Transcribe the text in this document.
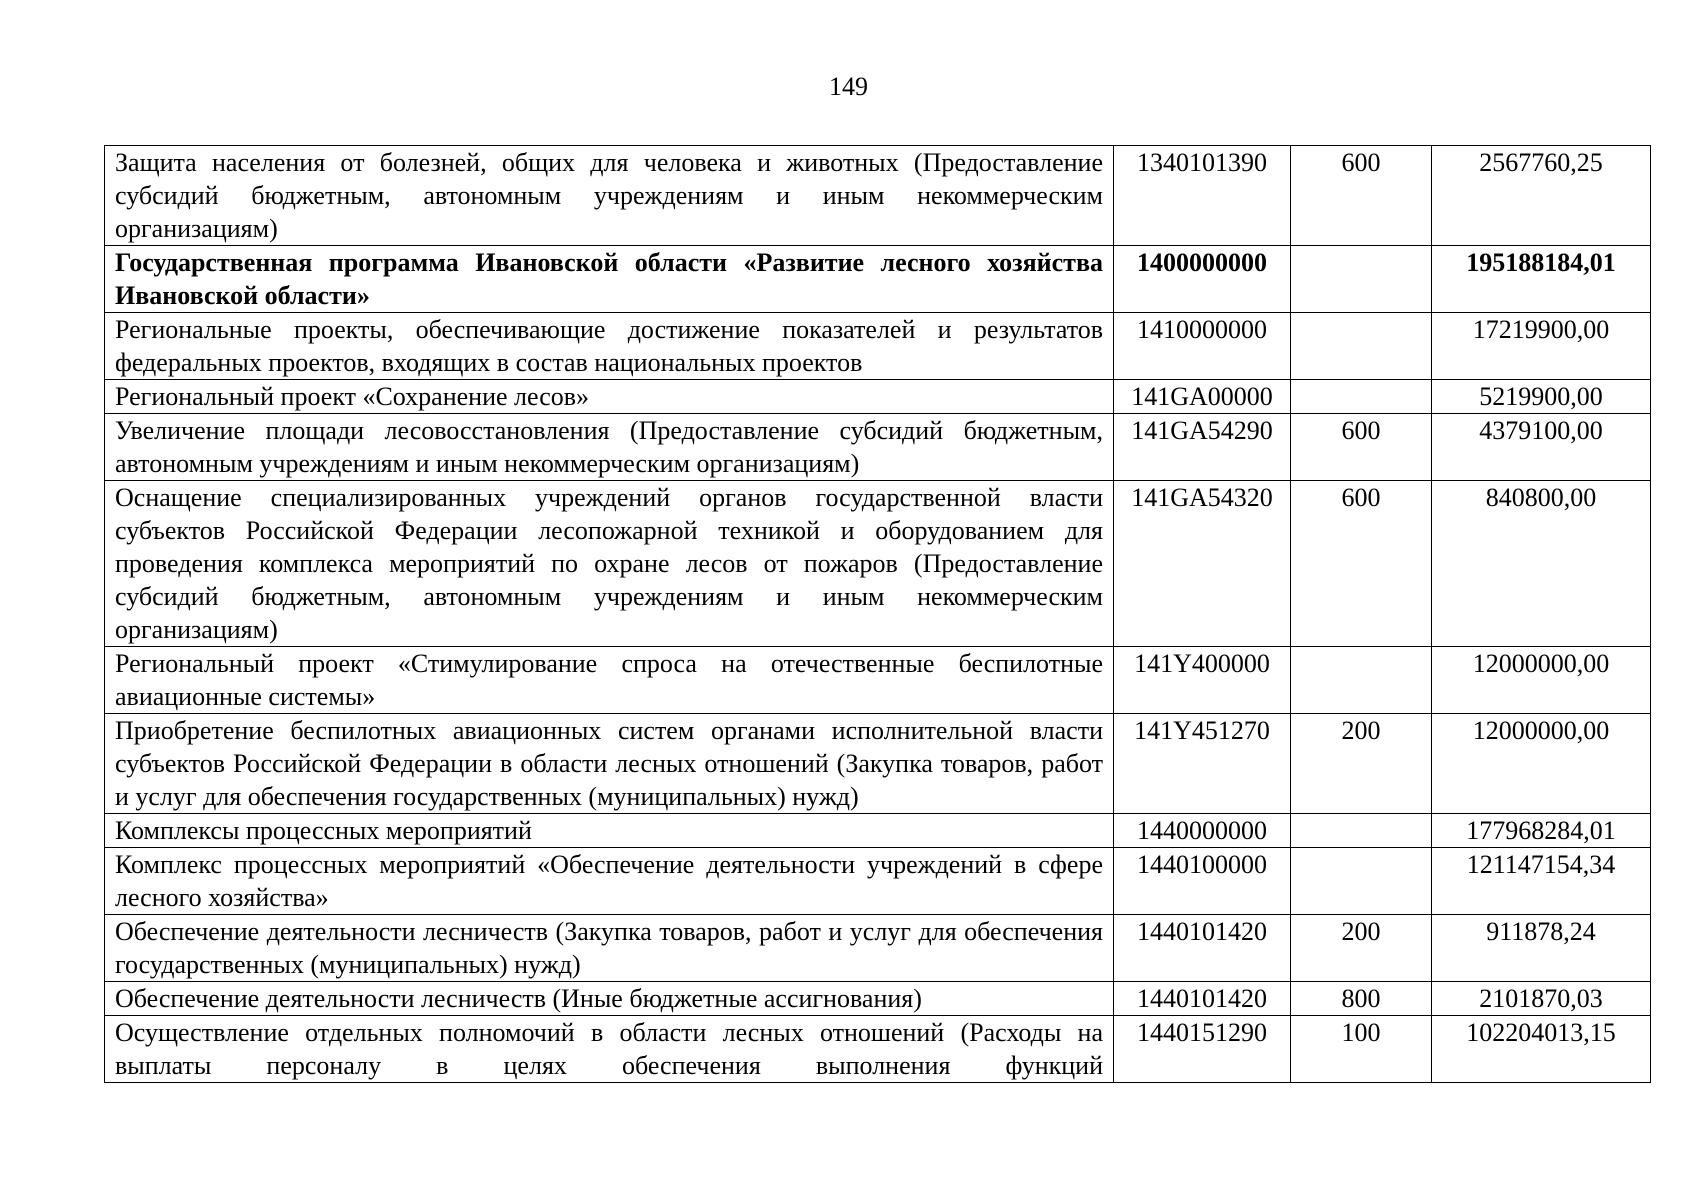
149
Защита населения от болезней, общих для человека и животных (Предоставление субсидий бюджетным, автономным учреждениям и иным некоммерческим организациям)	1340101390	600	2567760,25
Государственная программа Ивановской области «Развитие лесного хозяйства Ивановской области»	1400000000		195188184,01
Региональные проекты, обеспечивающие достижение показателей и результатов федеральных проектов, входящих в состав национальных проектов	1410000000		17219900,00
Региональный проект «Сохранение лесов»	141GA00000		5219900,00
Увеличение площади лесовосстановления (Предоставление субсидий бюджетным, автономным учреждениям и иным некоммерческим организациям)	141GA54290	600	4379100,00
Оснащение специализированных учреждений органов государственной власти субъектов Российской Федерации лесопожарной техникой и оборудованием для проведения комплекса мероприятий по охране лесов от пожаров (Предоставление субсидий бюджетным, автономным учреждениям и иным некоммерческим организациям)	141GA54320	600	840800,00
Региональный проект «Стимулирование спроса на отечественные беспилотные авиационные системы»	141Y400000		12000000,00
Приобретение беспилотных авиационных систем органами исполнительной власти субъектов Российской Федерации в области лесных отношений (Закупка товаров, работ и услуг для обеспечения государственных (муниципальных) нужд)	141Y451270	200	12000000,00
Комплексы процессных мероприятий	1440000000		177968284,01
Комплекс процессных мероприятий «Обеспечение деятельности учреждений в сфере лесного хозяйства»	1440100000		121147154,34
Обеспечение деятельности лесничеств (Закупка товаров, работ и услуг для обеспечения государственных (муниципальных) нужд)	1440101420	200	911878,24
Обеспечение деятельности лесничеств (Иные бюджетные ассигнования)	1440101420	800	2101870,03
Осуществление отдельных полномочий в области лесных отношений (Расходы на выплаты персоналу в целях обеспечения выполнения функций	1440151290	100	102204013,15
